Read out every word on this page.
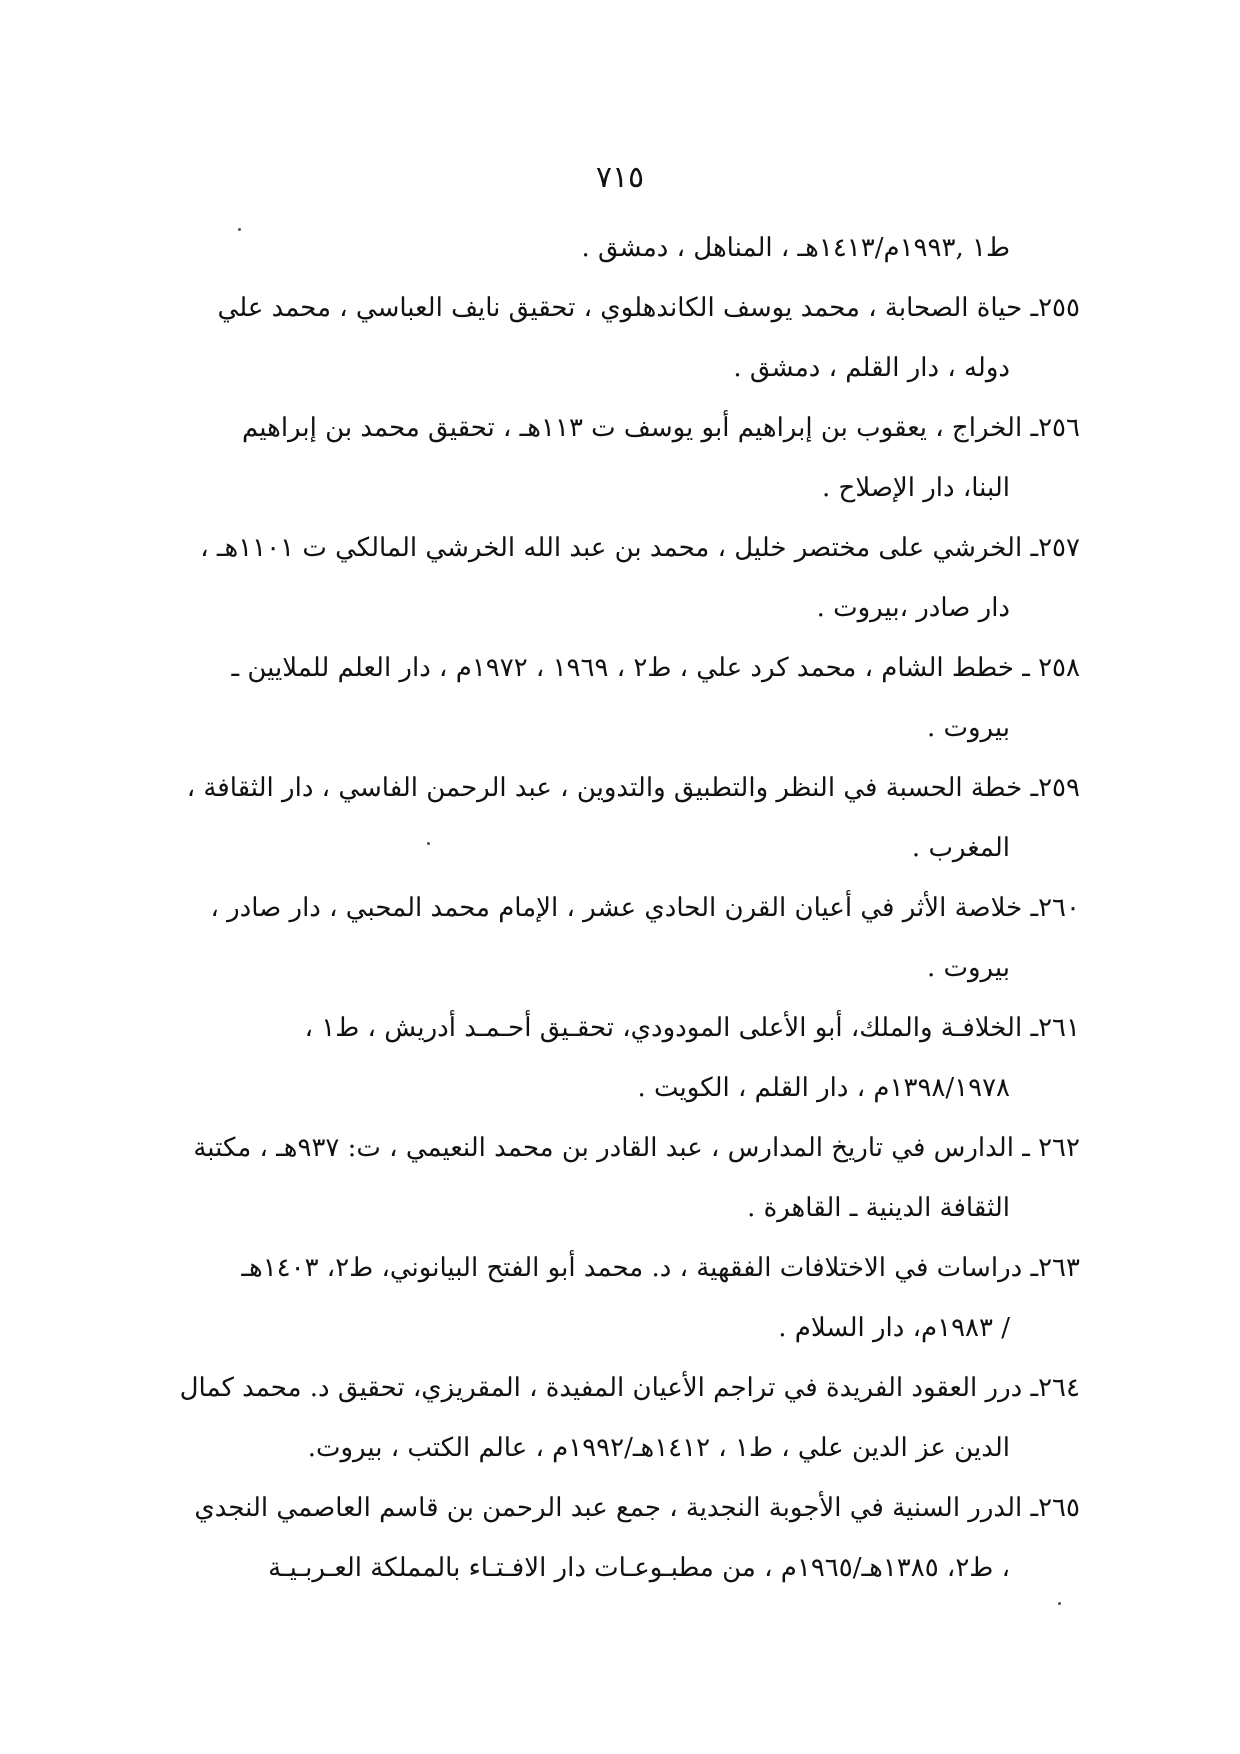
٧١٥
ط١ ,١٩٩٣م/١٤١٣هـ ، المناهل ، دمشق .
٢٥٥ـ حياة الصحابة ، محمد يوسف الكاندهلوي ، تحقيق نايف العباسي ، محمد علي
دوله ، دار القلم ، دمشق .
٢٥٦ـ الخراج ، يعقوب بن إبراهيم أبو يوسف ت ١١٣هـ ، تحقيق محمد بن إبراهيم
البنا، دار الإصلاح .
٢٥٧ـ الخرشي على مختصر خليل ، محمد بن عبد الله الخرشي المالكي ت ١١٠١هـ ،
دار صادر ،بيروت .
٢٥٨ ـ خطط الشام ، محمد كرد علي ، ط٢ ، ١٩٦٩ ، ١٩٧٢م ، دار العلم للملايين ـ
بيروت .
٢٥٩ـ خطة الحسبة في النظر والتطبيق والتدوين ، عبد الرحمن الفاسي ، دار الثقافة ،
المغرب .
٢٦٠ـ خلاصة الأثر في أعيان القرن الحادي عشر ، الإمام محمد المحبي ، دار صادر ،
بيروت .
٢٦١ـ الخلافـة والملك، أبو الأعلى المودودي، تحقـيق أحـمـد أدريش ، ط١ ،
١٣٩٨/١٩٧٨م ، دار القلم ، الكويت .
٢٦٢ ـ الدارس في تاريخ المدارس ، عبد القادر بن محمد النعيمي ، ت: ٩٣٧هـ ، مكتبة
الثقافة الدينية ـ القاهرة .
٢٦٣ـ دراسات في الاختلافات الفقهية ، د. محمد أبو الفتح البيانوني، ط٢، ١٤٠٣هـ
/ ١٩٨٣م، دار السلام .
٢٦٤ـ درر العقود الفريدة في تراجم الأعيان المفيدة ، المقريزي، تحقيق د. محمد كمال
الدين عز الدين علي ، ط١ ، ١٤١٢هـ/١٩٩٢م ، عالم الكتب ، بيروت.
٢٦٥ـ الدرر السنية في الأجوبة النجدية ، جمع عبد الرحمن بن قاسم العاصمي النجدي
، ط٢، ١٣٨٥هـ/١٩٦٥م ، من مطبـوعـات دار الافـتـاء بالمملكة العـربـيـة
